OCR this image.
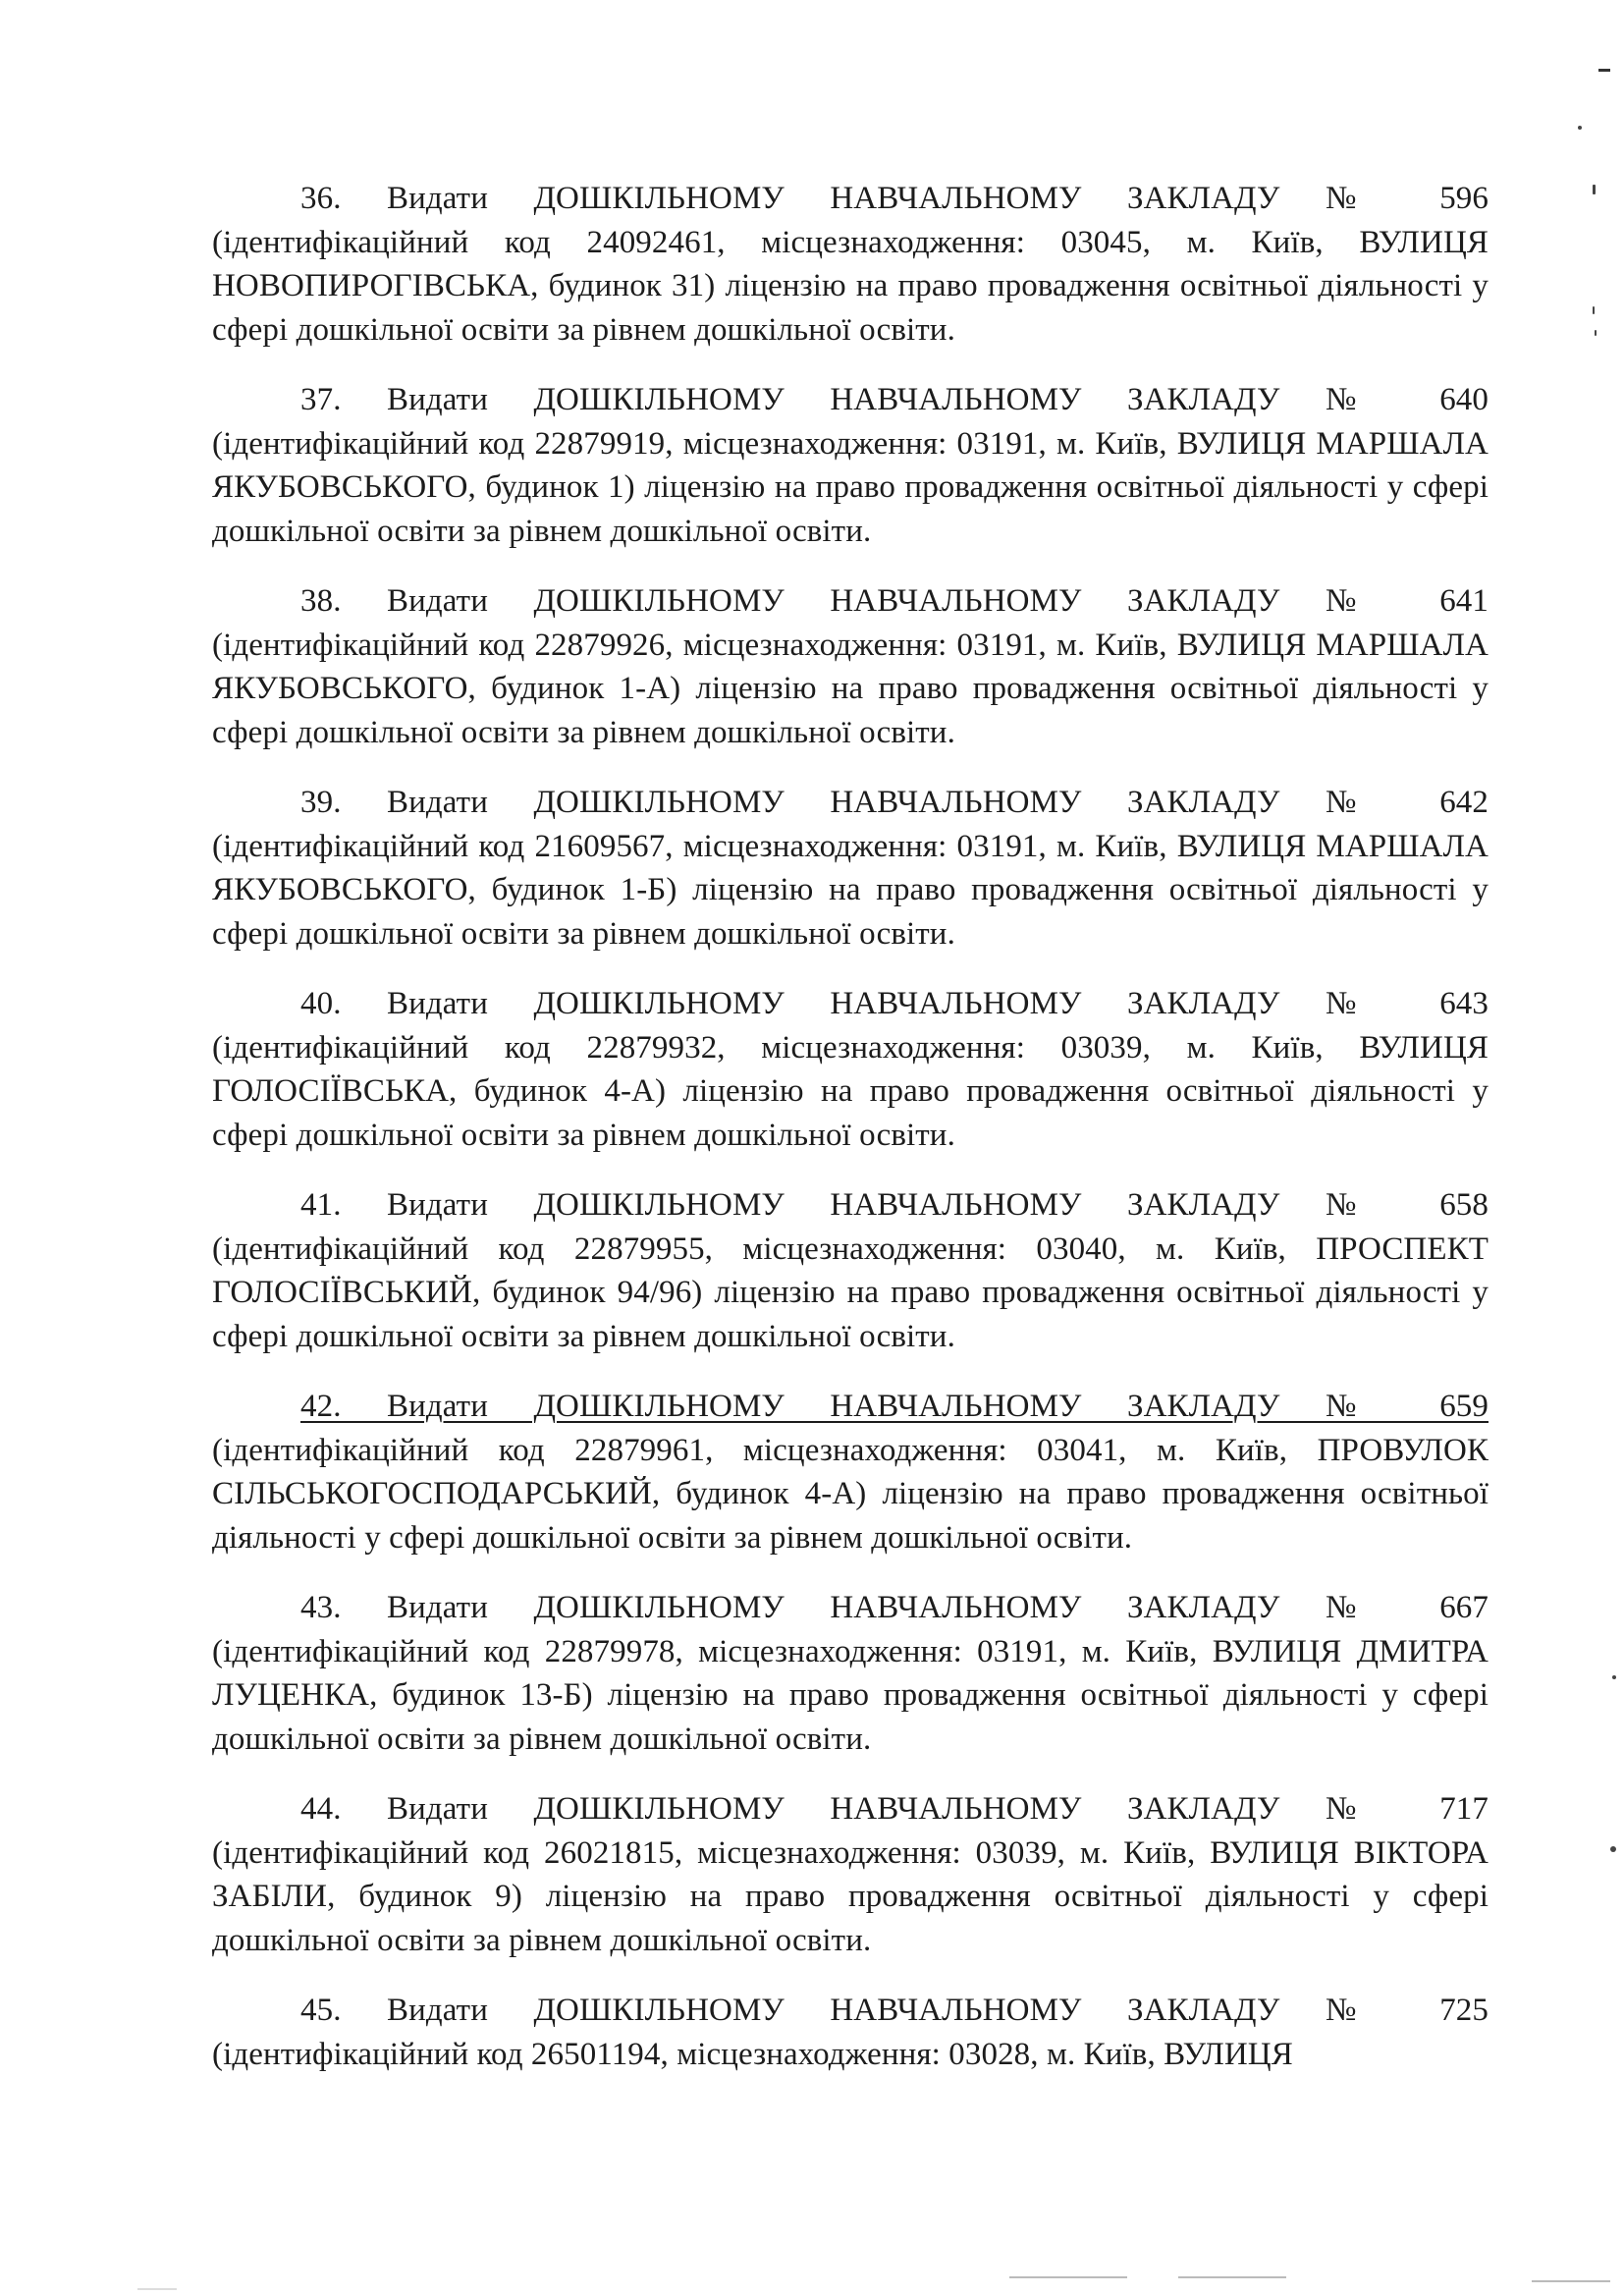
36. Видати ДОШКІЛЬНОМУ НАВЧАЛЬНОМУ ЗАКЛАДУ № 596 (ідентифікаційний код 24092461, місцезнаходження: 03045, м. Київ, ВУЛИЦЯ НОВОПИРОГІВСЬКА, будинок 31) ліцензію на право провадження освітньої діяльності у сфері дошкільної освіти за рівнем дошкільної освіти.

37. Видати ДОШКІЛЬНОМУ НАВЧАЛЬНОМУ ЗАКЛАДУ № 640 (ідентифікаційний код 22879919, місцезнаходження: 03191, м. Київ, ВУЛИЦЯ МАРШАЛА ЯКУБОВСЬКОГО, будинок 1) ліцензію на право провадження освітньої діяльності у сфері дошкільної освіти за рівнем дошкільної освіти.

38. Видати ДОШКІЛЬНОМУ НАВЧАЛЬНОМУ ЗАКЛАДУ № 641 (ідентифікаційний код 22879926, місцезнаходження: 03191, м. Київ, ВУЛИЦЯ МАРШАЛА ЯКУБОВСЬКОГО, будинок 1-А) ліцензію на право провадження освітньої діяльності у сфері дошкільної освіти за рівнем дошкільної освіти.

39. Видати ДОШКІЛЬНОМУ НАВЧАЛЬНОМУ ЗАКЛАДУ № 642 (ідентифікаційний код 21609567, місцезнаходження: 03191, м. Київ, ВУЛИЦЯ МАРШАЛА ЯКУБОВСЬКОГО, будинок 1-Б) ліцензію на право провадження освітньої діяльності у сфері дошкільної освіти за рівнем дошкільної освіти.

40. Видати ДОШКІЛЬНОМУ НАВЧАЛЬНОМУ ЗАКЛАДУ № 643 (ідентифікаційний код 22879932, місцезнаходження: 03039, м. Київ, ВУЛИЦЯ ГОЛОСІЇВСЬКА, будинок 4-А) ліцензію на право провадження освітньої діяльності у сфері дошкільної освіти за рівнем дошкільної освіти.

41. Видати ДОШКІЛЬНОМУ НАВЧАЛЬНОМУ ЗАКЛАДУ № 658 (ідентифікаційний код 22879955, місцезнаходження: 03040, м. Київ, ПРОСПЕКТ ГОЛОСІЇВСЬКИЙ, будинок 94/96) ліцензію на право провадження освітньої діяльності у сфері дошкільної освіти за рівнем дошкільної освіти.

42. Видати ДОШКІЛЬНОМУ НАВЧАЛЬНОМУ ЗАКЛАДУ № 659 (ідентифікаційний код 22879961, місцезнаходження: 03041, м. Київ, ПРОВУЛОК СІЛЬСЬКОГОСПОДАРСЬКИЙ, будинок 4-А) ліцензію на право провадження освітньої діяльності у сфері дошкільної освіти за рівнем дошкільної освіти.

43. Видати ДОШКІЛЬНОМУ НАВЧАЛЬНОМУ ЗАКЛАДУ № 667 (ідентифікаційний код 22879978, місцезнаходження: 03191, м. Київ, ВУЛИЦЯ ДМИТРА ЛУЦЕНКА, будинок 13-Б) ліцензію на право провадження освітньої діяльності у сфері дошкільної освіти за рівнем дошкільної освіти.

44. Видати ДОШКІЛЬНОМУ НАВЧАЛЬНОМУ ЗАКЛАДУ № 717 (ідентифікаційний код 26021815, місцезнаходження: 03039, м. Київ, ВУЛИЦЯ ВІКТОРА ЗАБІЛИ, будинок 9) ліцензію на право провадження освітньої діяльності у сфері дошкільної освіти за рівнем дошкільної освіти.

45. Видати ДОШКІЛЬНОМУ НАВЧАЛЬНОМУ ЗАКЛАДУ № 725 (ідентифікаційний код 26501194, місцезнаходження: 03028, м. Київ, ВУЛИЦЯ
